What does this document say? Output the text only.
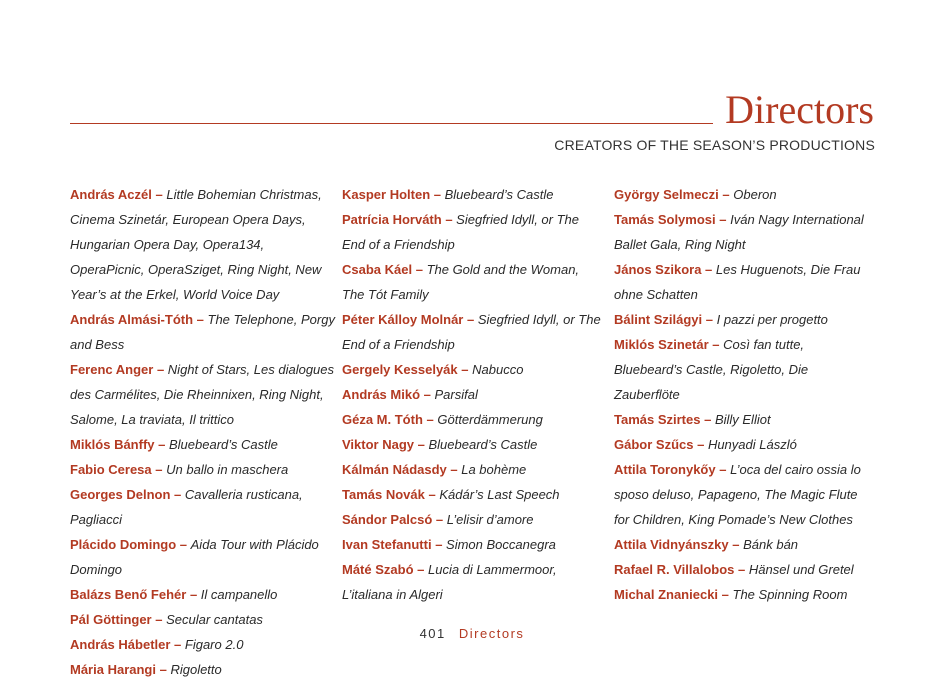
Directors
CREATORS OF THE SEASON’S PRODUCTIONS

András Aczél – Little Bohemian Christmas, Cinema Szinetár, European Opera Days, Hungarian Opera Day, Opera134, OperaPicnic, OperaSziget, Ring Night, New Year’s at the Erkel, World Voice Day

András Almási-Tóth – The Telephone, Porgy and Bess

Ferenc Anger – Night of Stars, Les dialogues des Carmélites, Die Rheinnixen, Ring Night, Salome, La traviata, Il trittico

Miklós Bánffy – Bluebeard’s Castle

Fabio Ceresa – Un ballo in maschera

Georges Delnon – Cavalleria rusticana, Pagliacci

Plácido Domingo – Aida Tour with Plácido Domingo

Balázs Benő Fehér – Il campanello

Pál Göttinger – Secular cantatas

András Hábetler – Figaro 2.0

Mária Harangi – Rigoletto

Kasper Holten – Bluebeard’s Castle

Patrícia Horváth – Siegfried Idyll, or The End of a Friendship

Csaba Káel – The Gold and the Woman, The Tót Family

Péter Kálloy Molnár – Siegfried Idyll, or The End of a Friendship

Gergely Kesselyák – Nabucco

András Mikó – Parsifal

Géza M. Tóth – Götterdämmerung

Viktor Nagy – Bluebeard’s Castle

Kálmán Nádasdy – La bohème

Tamás Novák – Kádár’s Last Speech

Sándor Palcsó – L’elisir d’amore

Ivan Stefanutti – Simon Boccanegra

Máté Szabó – Lucia di Lammermoor, L’italiana in Algeri

György Selmeczi – Oberon

Tamás Solymosi – Iván Nagy International Ballet Gala, Ring Night

János Szikora – Les Huguenots, Die Frau ohne Schatten

Bálint Szilágyi – I pazzi per progetto

Miklós Szinetár – Così fan tutte, Bluebeard’s Castle, Rigoletto, Die Zauberflöte

Tamás Szirtes – Billy Elliot

Gábor Szűcs – Hunyadi László

Attila Toronykőy – L’oca del cairo ossia lo sposo deluso, Papageno, The Magic Flute for Children, King Pomade’s New Clothes

Attila Vidnyánszky – Bánk bán

Rafael R. Villalobos – Hänsel und Gretel

Michal Znaniecki – The Spinning Room

401 Directors
